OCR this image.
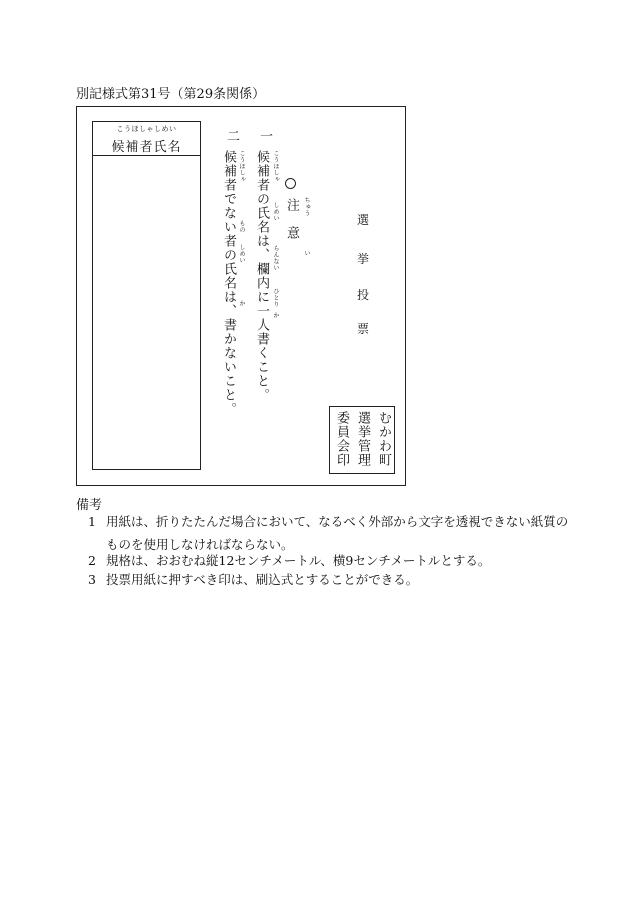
別記様式第31号（第29条関係）
こうほしゃしめい
候補者氏名
二
こうほしゃ
もの
しめい
か
候補者でない者の氏名は、書かないこと。
一
こうほしゃ
しめい
らんない
ひとり
か
候補者の氏名は、欄内に一人書くこと。	ちゅう
い
注　意	選
挙
投
票
むかわ町
選挙管理
委員会印
備考
1 用紙は、折りたたんだ場合において、なるべく外部から文字を透視できない紙質の
ものを使用しなければならない。
2 規格は、おおむね縦12センチメートル、横9センチメートルとする。
3 投票用紙に押すべき印は、刷込式とすることができる。
